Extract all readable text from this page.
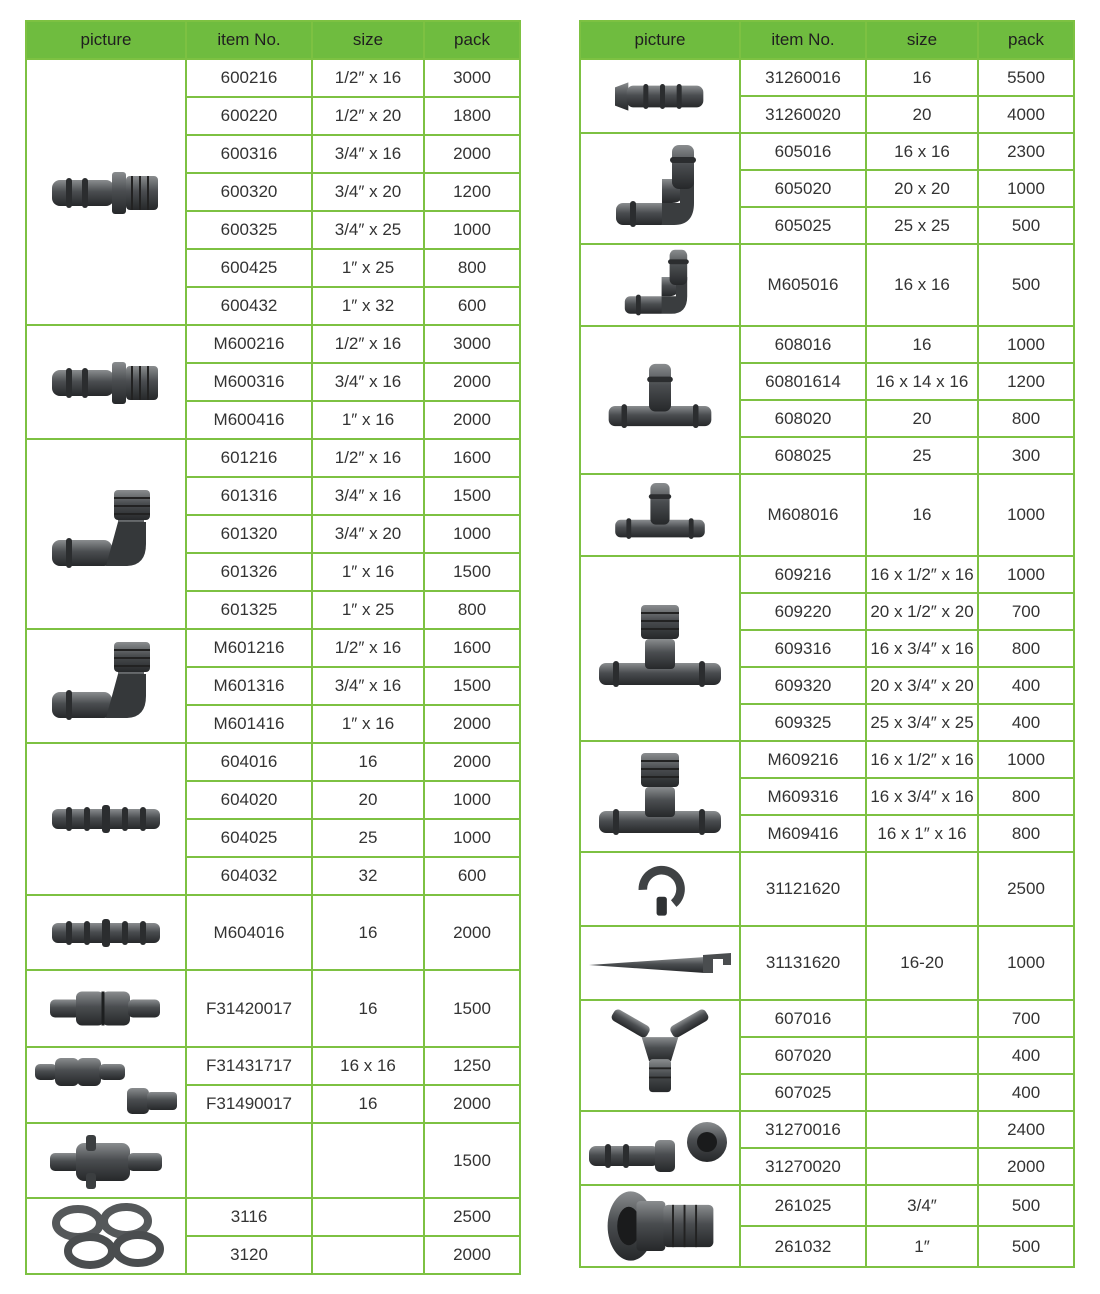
picture	item No.	size	pack

	600216	1/2″ x 16	3000
	600220	1/2″ x 20	1800
	600316	3/4″ x 16	2000
	600320	3/4″ x 20	1200
	600325	3/4″ x 25	1000
	600425	1″ x 25	800
	600432	1″ x 32	600

	M600216	1/2″ x 16	3000
	M600316	3/4″ x 16	2000
	M600416	1″ x 16	2000

	601216	1/2″ x 16	1600
	601316	3/4″ x 16	1500
	601320	3/4″ x 20	1000
	601326	1″ x 16	1500
	601325	1″ x 25	800

	M601216	1/2″ x 16	1600
	M601316	3/4″ x 16	1500
	M601416	1″ x 16	2000

	604016	16	2000
	604020	20	1000
	604025	25	1000
	604032	32	600

	M604016	16	2000

	F31420017	16	1500

	F31431717	16 x 16	1250
	F31490017	16	2000

			1500

	3116		2500
	3120		2000
picture	item No.	size	pack

	31260016	16	5500
	31260020	20	4000

	605016	16 x 16	2300
	605020	20 x 20	1000
	605025	25 x 25	500

	M605016	16 x 16	500

	608016	16	1000
	60801614	16 x 14 x 16	1200
	608020	20	800
	608025	25	300

	M608016	16	1000

	609216	16 x 1/2″ x 16	1000
	609220	20 x 1/2″ x 20	700
	609316	16 x 3/4″ x 16	800
	609320	20 x 3/4″ x 20	400
	609325	25 x 3/4″ x 25	400

	M609216	16 x 1/2″ x 16	1000
	M609316	16 x 3/4″ x 16	800
	M609416	16 x 1″ x 16	800

	31121620		2500

	31131620	16-20	1000

	607016		700
	607020		400
	607025		400

	31270016		2400
	31270020		2000

	261025	3/4″	500
	261032	1″	500
